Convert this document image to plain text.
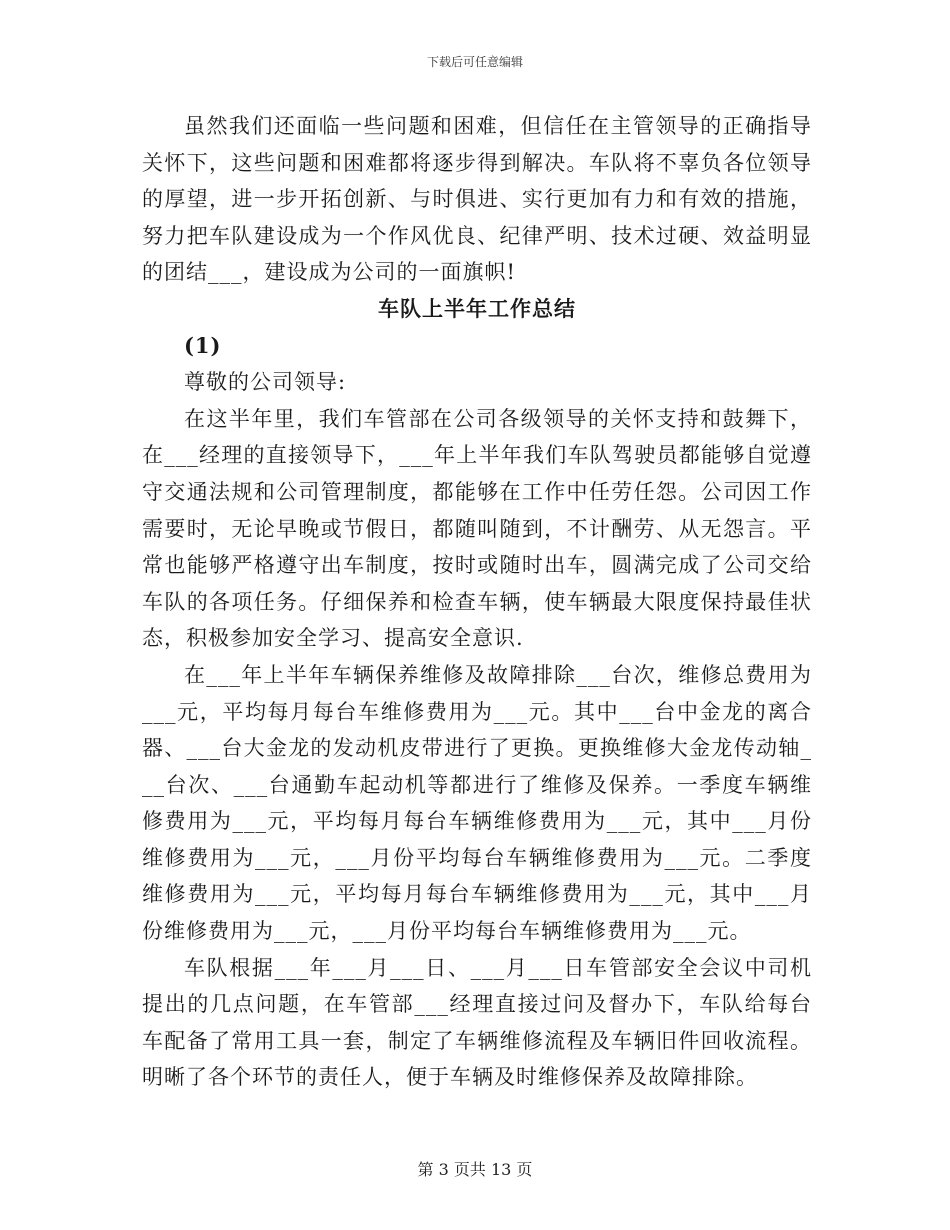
下载后可任意编辑

虽然我们还面临一些问题和困难，但信任在主管领导的正确指导关怀下，这些问题和困难都将逐步得到解决。车队将不辜负各位领导的厚望，进一步开拓创新、与时俱进、实行更加有力和有效的措施，努力把车队建设成为一个作风优良、纪律严明、技术过硬、效益明显的团结___，建设成为公司的一面旗帜!

车队上半年工作总结

(1)

尊敬的公司领导:

在这半年里，我们车管部在公司各级领导的关怀支持和鼓舞下，在___经理的直接领导下，___年上半年我们车队驾驶员都能够自觉遵守交通法规和公司管理制度，都能够在工作中任劳任怨。公司因工作需要时，无论早晚或节假日，都随叫随到，不计酬劳、从无怨言。平常也能够严格遵守出车制度，按时或随时出车，圆满完成了公司交给车队的各项任务。仔细保养和检查车辆，使车辆最大限度保持最佳状态，积极参加安全学习、提高安全意识.

在___年上半年车辆保养维修及故障排除___台次，维修总费用为___元，平均每月每台车维修费用为___元。其中___台中金龙的离合器、___台大金龙的发动机皮带进行了更换。更换维修大金龙传动轴___台次、___台通勤车起动机等都进行了维修及保养。一季度车辆维修费用为___元，平均每月每台车辆维修费用为___元，其中___月份维修费用为___元，___月份平均每台车辆维修费用为___元。二季度维修费用为___元，平均每月每台车辆维修费用为___元，其中___月份维修费用为___元，___月份平均每台车辆维修费用为___元。

车队根据___年___月___日、___月___日车管部安全会议中司机提出的几点问题，在车管部___经理直接过问及督办下，车队给每台车配备了常用工具一套，制定了车辆维修流程及车辆旧件回收流程。明晰了各个环节的责任人，便于车辆及时维修保养及故障排除。

第 3 页共 13 页
